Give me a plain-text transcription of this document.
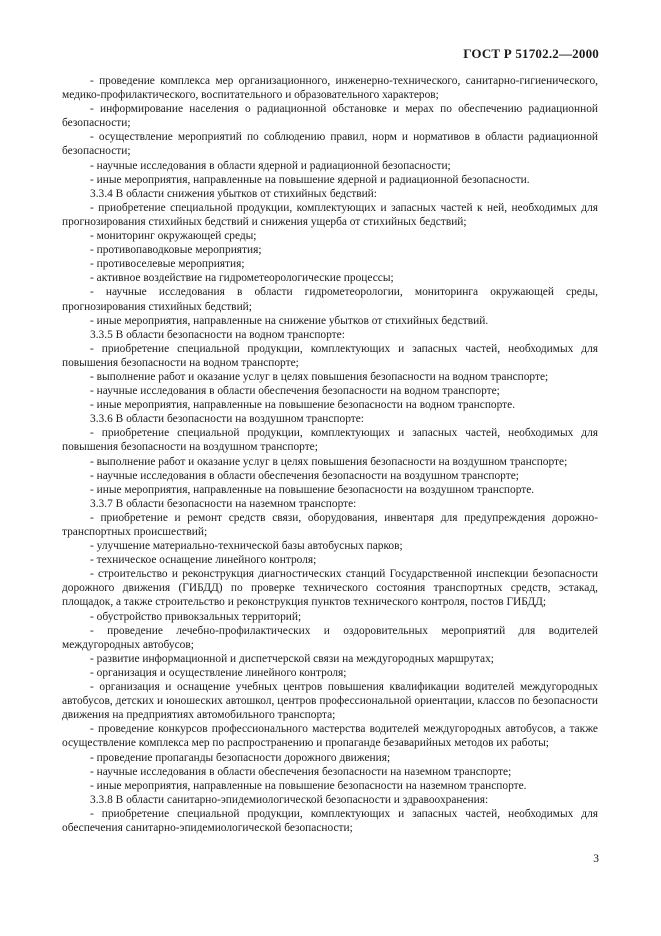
ГОСТ Р 51702.2—2000

- проведение комплекса мер организационного, инженерно-технического, санитарно-гигиенического, медико-профилактического, воспитательного и образовательного характеров;

- информирование населения о радиационной обстановке и мерах по обеспечению радиационной безопасности;

- осуществление мероприятий по соблюдению правил, норм и нормативов в области радиационной безопасности;

- научные исследования в области ядерной и радиационной безопасности;

- иные мероприятия, направленные на повышение ядерной и радиационной безопасности.

3.3.4 В области снижения убытков от стихийных бедствий:

- приобретение специальной продукции, комплектующих и запасных частей к ней, необходимых для прогнозирования стихийных бедствий и снижения ущерба от стихийных бедствий;

- мониторинг окружающей среды;

- противопаводковые мероприятия;

- противоселевые мероприятия;

- активное воздействие на гидрометеорологические процессы;

- научные исследования в области гидрометеорологии, мониторинга окружающей среды, прогнозирования стихийных бедствий;

- иные мероприятия, направленные на снижение убытков от стихийных бедствий.

3.3.5 В области безопасности на водном транспорте:

- приобретение специальной продукции, комплектующих и запасных частей, необходимых для повышения безопасности на водном транспорте;

- выполнение работ и оказание услуг в целях повышения безопасности на водном транспорте;

- научные исследования в области обеспечения безопасности на водном транспорте;

- иные мероприятия, направленные на повышение безопасности на водном транспорте.

3.3.6 В области безопасности на воздушном транспорте:

- приобретение специальной продукции, комплектующих и запасных частей, необходимых для повышения безопасности на воздушном транспорте;

- выполнение работ и оказание услуг в целях повышения безопасности на воздушном транспорте;

- научные исследования в области обеспечения безопасности на воздушном транспорте;

- иные мероприятия, направленные на повышение безопасности на воздушном транспорте.

3.3.7 В области безопасности на наземном транспорте:

- приобретение и ремонт средств связи, оборудования, инвентаря для предупреждения дорожно-транспортных происшествий;

- улучшение материально-технической базы автобусных парков;

- техническое оснащение линейного контроля;

- строительство и реконструкция диагностических станций Государственной инспекции безопасности дорожного движения (ГИБДД) по проверке технического состояния транспортных средств, эстакад, площадок, а также строительство и реконструкция пунктов технического контроля, постов ГИБДД;

- обустройство привокзальных территорий;

- проведение лечебно-профилактических и оздоровительных мероприятий для водителей междугородных автобусов;

- развитие информационной и диспетчерской связи на междугородных маршрутах;

- организация и осуществление линейного контроля;

- организация и оснащение учебных центров повышения квалификации водителей междугородных автобусов, детских и юношеских автошкол, центров профессиональной ориентации, классов по безопасности движения на предприятиях автомобильного транспорта;

- проведение конкурсов профессионального мастерства водителей междугородных автобусов, а также осуществление комплекса мер по распространению и пропаганде безаварийных методов их работы;

- проведение пропаганды безопасности дорожного движения;

- научные исследования в области обеспечения безопасности на наземном транспорте;

- иные мероприятия, направленные на повышение безопасности на наземном транспорте.

3.3.8 В области санитарно-эпидемиологической безопасности и здравоохранения:

- приобретение специальной продукции, комплектующих и запасных частей, необходимых для обеспечения санитарно-эпидемиологической безопасности;

3
